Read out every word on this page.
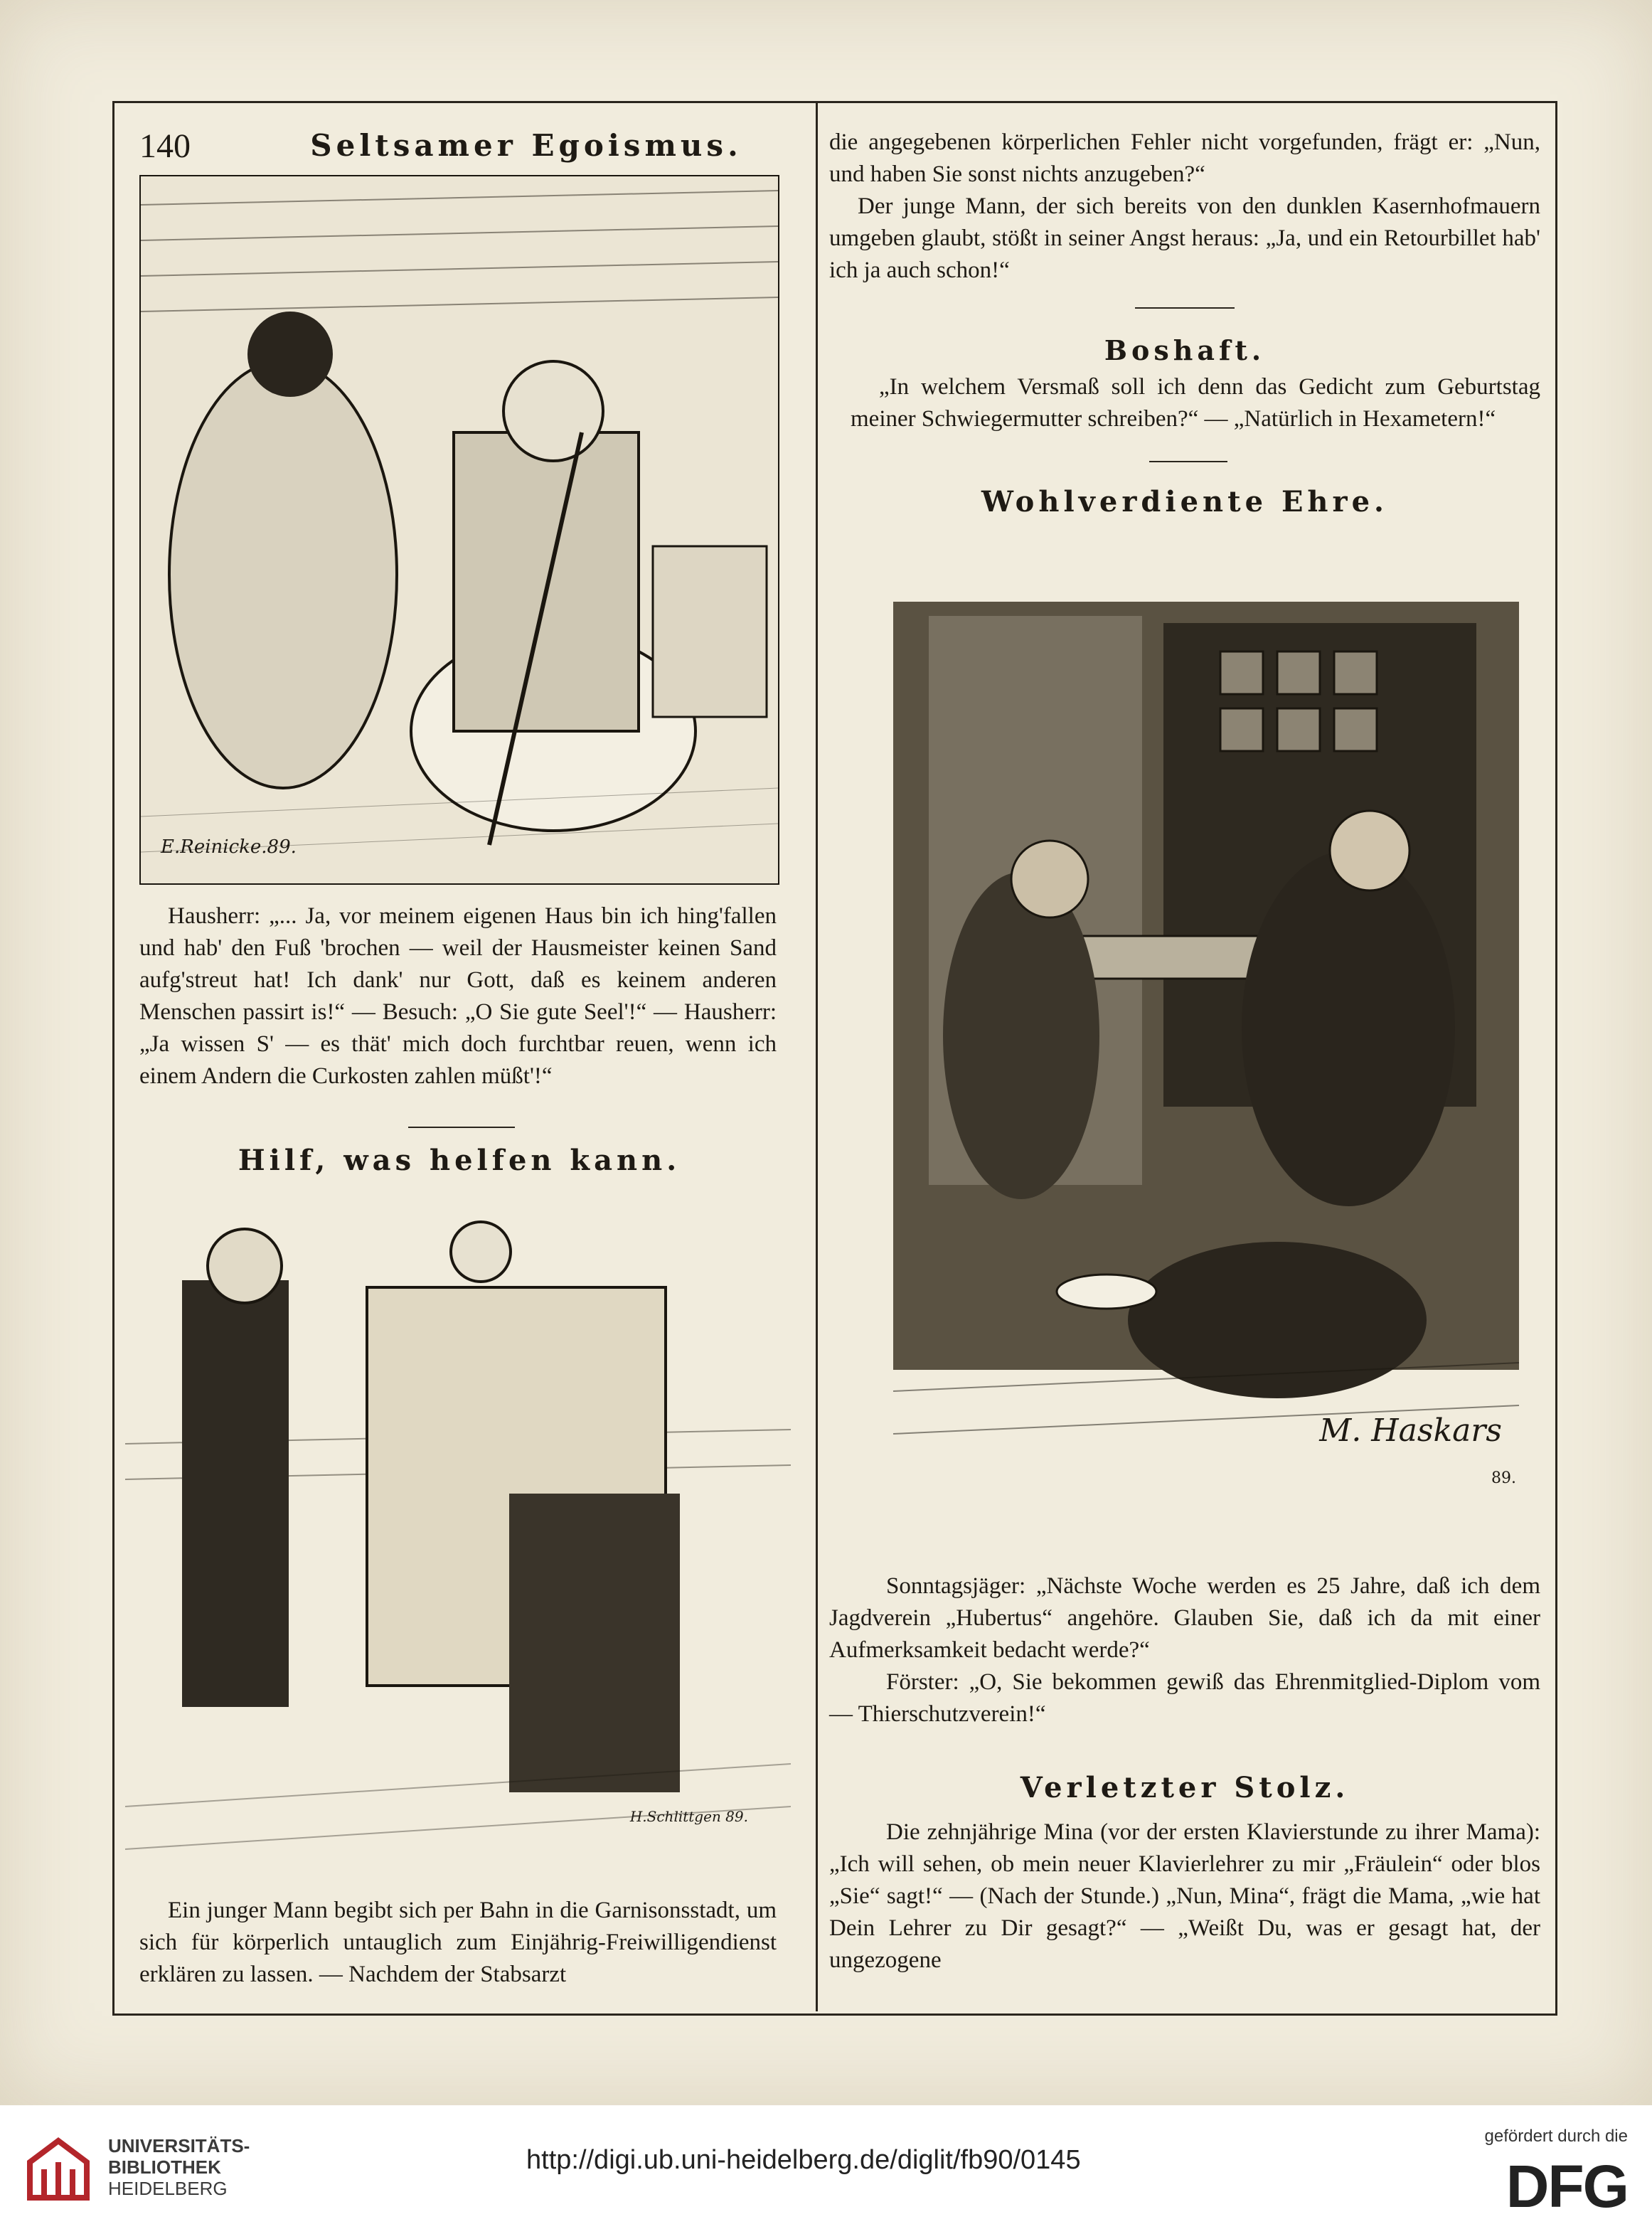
140	Seltsamer Egoismus.
E.Reinicke.89.

Hausherr: „... Ja, vor meinem eigenen Haus bin ich hing'fallen und hab' den Fuß 'brochen — weil der Hausmeister keinen Sand aufg'streut hat! Ich dank' nur Gott, daß es keinem anderen Menschen passirt is!“ — Besuch: „O Sie gute Seel'!“ — Hausherr: „Ja wissen S' — es thät' mich doch furchtbar reuen, wenn ich einem Andern die Curkosten zahlen müßt'!“

Hilf, was helfen kann.
H.Schlittgen 89.
Ein junger Mann begibt sich per Bahn in die Garnisonsstadt, um sich für körperlich untauglich zum Einjährig-Freiwilligendienst erklären zu lassen. — Nachdem der Stabsarzt

die angegebenen körperlichen Fehler nicht vorgefunden, frägt er: „Nun, und haben Sie sonst nichts anzugeben?“

Der junge Mann, der sich bereits von den dunklen Kasernhofmauern umgeben glaubt, stößt in seiner Angst heraus: „Ja, und ein Retourbillet hab' ich ja auch schon!“

Boshaft.
„In welchem Versmaß soll ich denn das Gedicht zum Geburtstag meiner Schwiegermutter schreiben?“ — „Natürlich in Hexametern!“
Wohlverdiente Ehre.
M. Haskars
89.

Sonntagsjäger: „Nächste Woche werden es 25 Jahre, daß ich dem Jagdverein „Hubertus“ angehöre. Glauben Sie, daß ich da mit einer Aufmerksamkeit bedacht werde?“

Förster: „O, Sie bekommen gewiß das Ehrenmitglied-Diplom vom — Thierschutzverein!“

Verletzter Stolz.
Die zehnjährige Mina (vor der ersten Klavierstunde zu ihrer Mama): „Ich will sehen, ob mein neuer Klavierlehrer zu mir „Fräulein“ oder blos „Sie“ sagt!“ — (Nach der Stunde.) „Nun, Mina“, frägt die Mama, „wie hat Dein Lehrer zu Dir gesagt?“ — „Weißt Du, was er gesagt hat, der ungezogene
UNIVERSITÄTS-
BIBLIOTHEK
HEIDELBERG
http://digi.ub.uni-heidelberg.de/diglit/fb90/0145
gefördert durch die
DFG
